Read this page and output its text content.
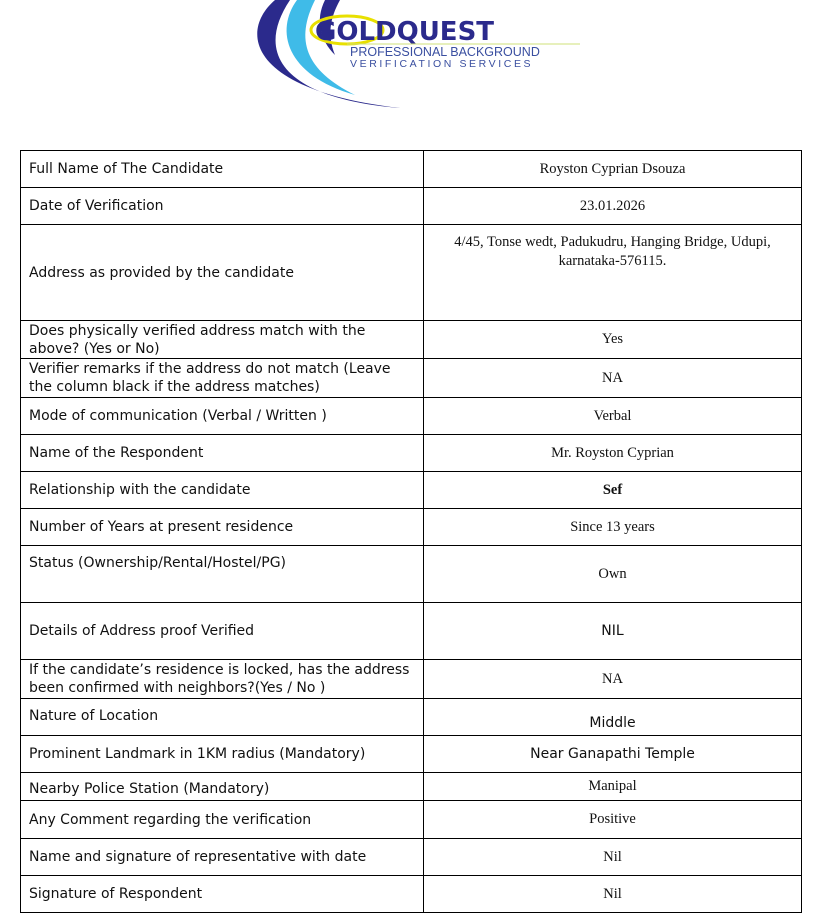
GOLDQUEST
PROFESSIONAL BACKGROUND
VERIFICATION SERVICES
Full Name of The Candidate	Royston Cyprian Dsouza
Date of Verification	23.01.2026
Address as provided by the candidate	4/45, Tonse wedt, Padukudru, Hanging Bridge, Udupi, karnataka-576115.
Does physically verified address match with the above? (Yes or No)	Yes
Verifier remarks if the address do not match (Leave the column black if the address matches)	NA
Mode of communication (Verbal / Written )	Verbal
Name of the Respondent	Mr. Royston Cyprian
Relationship with the candidate	Sef
Number of Years at present residence	Since 13 years
Status (Ownership/Rental/Hostel/PG)	Own
Details of Address proof Verified	NIL
If the candidate’s residence is locked, has the address been confirmed with neighbors?(Yes / No )	NA
Nature of Location	Middle
Prominent Landmark in 1KM radius (Mandatory)	Near Ganapathi Temple
Nearby Police Station (Mandatory)	Manipal
Any Comment regarding the verification	Positive
Name and signature of representative with date	Nil
Signature of Respondent	Nil
